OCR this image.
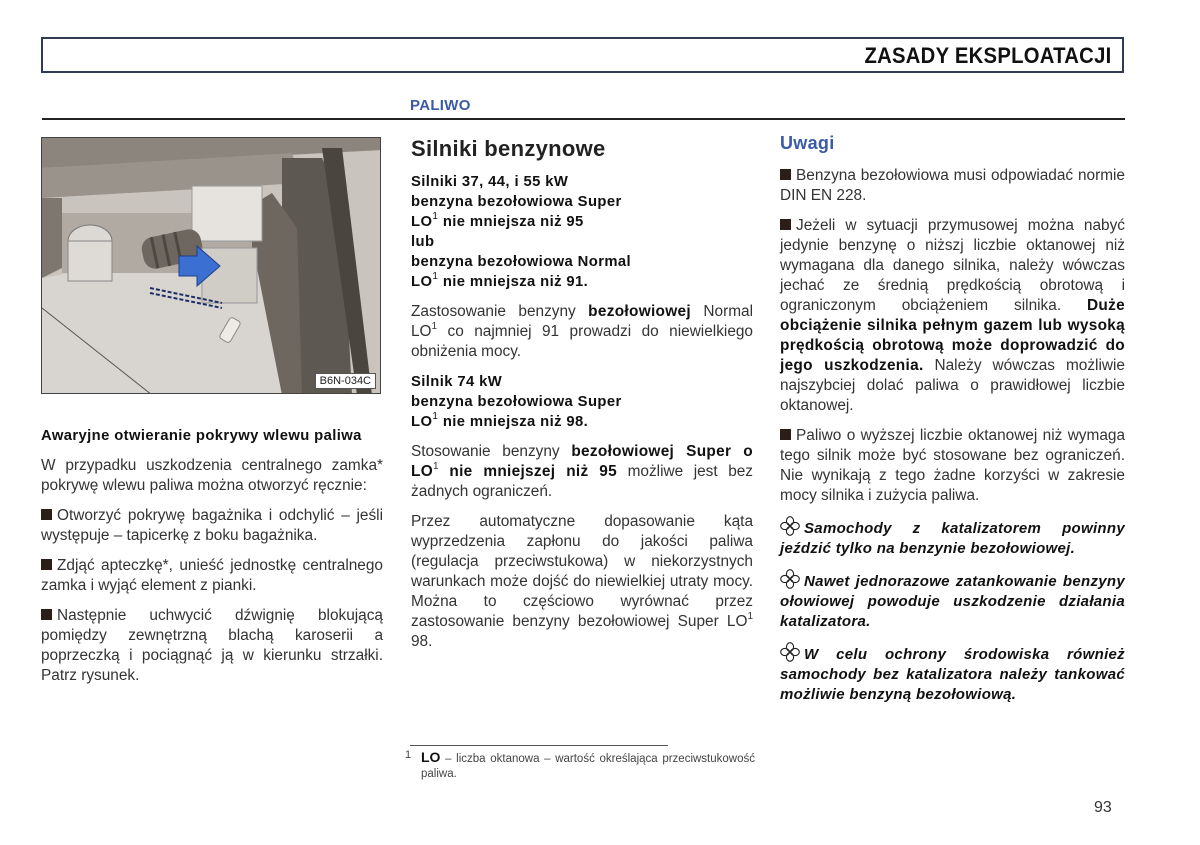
ZASADY EKSPLOATACJI
PALIWO
B6N-034C

Awaryjne otwieranie pokrywy wlewu paliwa

W przypadku uszkodzenia centralnego zamka* pokrywę wlewu paliwa można otworzyć ręcznie:

Otworzyć pokrywę bagażnika i odchylić – jeśli występuje – tapicerkę z boku bagażnika.

Zdjąć apteczkę*, unieść jednostkę centralnego zamka i wyjąć element z pianki.

Następnie uchwycić dźwignię blokującą pomiędzy zewnętrzną blachą karoserii a poprzeczką i pociągnąć ją w kierunku strzałki. Patrz rysunek.

Silniki benzynowe

Silniki 37, 44, i 55 kW
benzyna bezołowiowa Super
$LO^1$ nie mniejsza niż 95
lub
benzyna bezołowiowa Normal
$LO^1$ nie mniejsza niż 91.

Zastosowanie benzyny bezołowiowej Normal $LO^1$ co najmniej 91 prowadzi do niewielkiego obniżenia mocy.

Silnik 74 kW
benzyna bezołowiowa Super
$LO^1$ nie mniejsza niż 98.

Stosowanie benzyny bezołowiowej Super o $LO^1$ nie mniejszej niż 95 możliwe jest bez żadnych ograniczeń.

Przez automatyczne dopasowanie kąta wyprzedzenia zapłonu do jakości paliwa (regulacja przeciwstukowa) w niekorzystnych warunkach może dojść do niewielkiej utraty mocy. Można to częściowo wyrównać przez zastosowanie benzyny bezołowiowej Super $LO^1$ 98.

1 LO – liczba oktanowa – wartość określająca przeciwstukowość paliwa.
Uwagi

Benzyna bezołowiowa musi odpowiadać normie DIN EN 228.

Jeżeli w sytuacji przymusowej można nabyć jedynie benzynę o niższj liczbie oktanowej niż wymagana dla danego silnika, należy wówczas jechać ze średnią prędkością obrotową i ograniczonym obciążeniem silnika. Duże obciążenie silnika pełnym gazem lub wysoką prędkością obrotową może doprowadzić do jego uszkodzenia. Należy wówczas możliwie najszybciej dolać paliwa o prawidłowej liczbie oktanowej.

Paliwo o wyższej liczbie oktanowej niż wymaga tego silnik może być stosowane bez ograniczeń. Nie wynikają z tego żadne korzyści w zakresie mocy silnika i zużycia paliwa.

Samochody z katalizatorem powinny jeździć tylko na benzynie bezołowiowej.

Nawet jednorazowe zatankowanie benzyny ołowiowej powoduje uszkodzenie działania katalizatora.

W celu ochrony środowiska również samochody bez katalizatora należy tankować możliwie benzyną bezołowiową.

93
